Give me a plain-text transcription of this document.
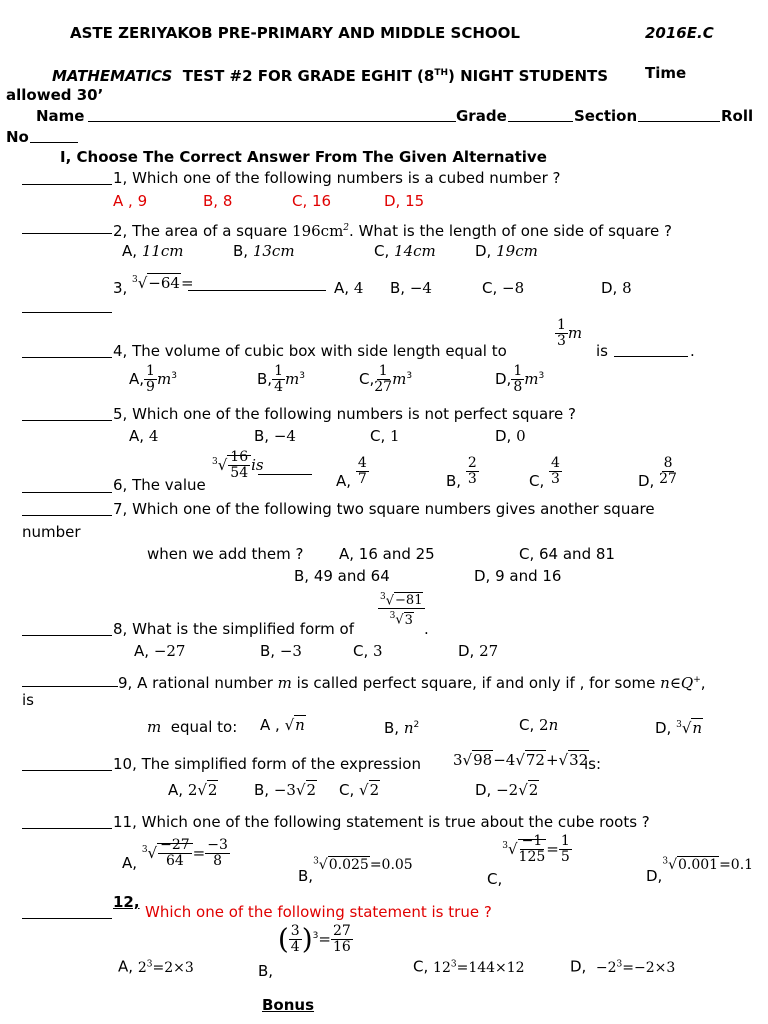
ASTE ZERIYAKOB PRE-PRIMARY AND MIDDLE SCHOOL	2016E.C
MATHEMATICS TEST #2 FOR GRADE EGHIT (8TH) NIGHT STUDENTS Time
allowed 30’
Name	Grade	Section	Roll
No
I, Choose The Correct Answer From The Given Alternative
1, Which one of the following numbers is a cubed number ?
A , 9	B, 8	C, 16	D, 15
2, The area of a square $196cm^2$. What is the length of one side of square ?
A, 11cm	B, 13cm	C, 14cm	D, 19cm
3, $^3$√−64=	A, 4 B, −4	C, −8	D, 8
$\frac{1}{3}$ m
4, The volume of cubic box with side length equal to	is	.
A, $\frac{1}{9} m^3$	B, $\frac{1}{4} m^3$	C, $\frac{1}{27} m^3$	D, $\frac{1}{8} m^3$
5, Which one of the following numbers is not perfect square ?
A, 4	B, −4	C, 1	D, 0
$^3√ \frac{16}{54}$ is
6, The value	A, $\frac{4}{7}$	B, $\frac{2}{3}$	C, $\frac{4}{3}$	D, $\frac{8}{27}$
7, Which one of the following two square numbers gives another square
number
when we add them ? A, 16 and 25
B, 49 and 64
C, 64 and 81
D, 9 and 16
$\frac{^3√-81}{^3√3}$
.
8, What is the simplified form of
A, −27	B, −3	C, 3	D, 27
9, A rational number m is called perfect square, if and only if , for some n∈Q+,
is
m equal to: A , √n	B, $n^2$	C, 2n	D, $^3$√n
10, The simplified form of the expression 3√98−4√72+√32
is:
A, 2√2 B, −3√2 C, √2	D, −2√2
11, Which one of the following statement is true about the cube roots ?
A, $^3√ \frac{-27}{64} = \frac{-3}{8}$
B,$^3$√0.025=0.05
$C,^3√ \frac{-1}{125} = \frac{1}{5}$
D,$^3$√0.001=0.1
12,
Which one of the following statement is true ?
A, $2^3=2\times 3$	B, ( $\frac{3}{4} )^3= \frac{27}{16}$
C, $12^3=144\times 12$	D, $-2^3=-2\times 3$
Bonus
